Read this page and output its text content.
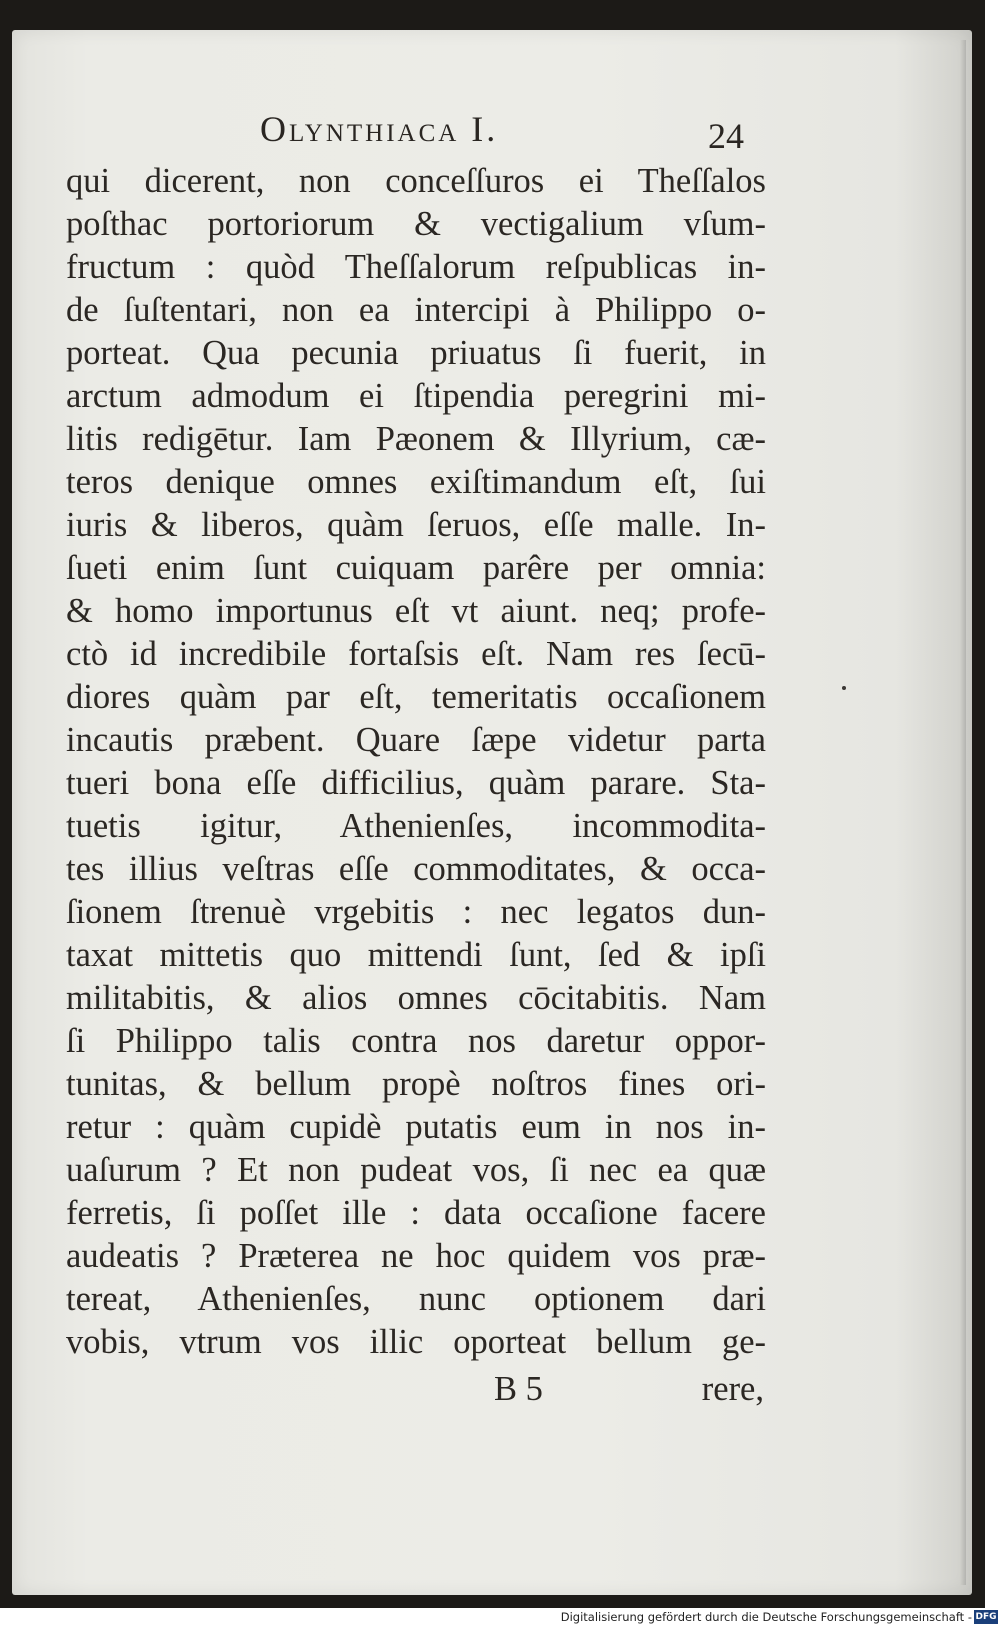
Olynthiaca I.	24
qui dicerent, non conceſſuros ei Theſſalos
poſthac portoriorum & vectigalium vſum-
fructum : quòd Theſſalorum reſpublicas in-
de ſuſtentari, non ea intercipi à Philippo o-
porteat. Qua pecunia priuatus ſi fuerit, in
arctum admodum ei ſtipendia peregrini mi-
litis redigētur. Iam Pæonem & Illyrium, cæ-
teros denique omnes exiſtimandum eſt, ſui
iuris & liberos, quàm ſeruos, eſſe malle. In-
ſueti enim ſunt cuiquam parêre per omnia:
& homo importunus eſt vt aiunt. neq; profe-
ctò id incredibile fortaſsis eſt. Nam res ſecū-
diores quàm par eſt, temeritatis occaſionem
incautis præbent. Quare ſæpe videtur parta
tueri bona eſſe difficilius, quàm parare. Sta-
tuetis igitur, Athenienſes, incommodita-
tes illius veſtras eſſe commoditates, & occa-
ſionem ſtrenuè vrgebitis : nec legatos dun-
taxat mittetis quo mittendi ſunt, ſed & ipſi
militabitis, & alios omnes cōcitabitis. Nam
ſi Philippo talis contra nos daretur oppor-
tunitas, & bellum propè noſtros fines ori-
retur : quàm cupidè putatis eum in nos in-
uaſurum ? Et non pudeat vos, ſi nec ea quæ
ferretis, ſi poſſet ille : data occaſione facere
audeatis ? Præterea ne hoc quidem vos præ-
tereat, Athenienſes, nunc optionem dari
vobis, vtrum vos illic oporteat bellum ge-
B 5	rere,
Digitalisierung gefördert durch die Deutsche Forschungsgemeinschaft - DFG
